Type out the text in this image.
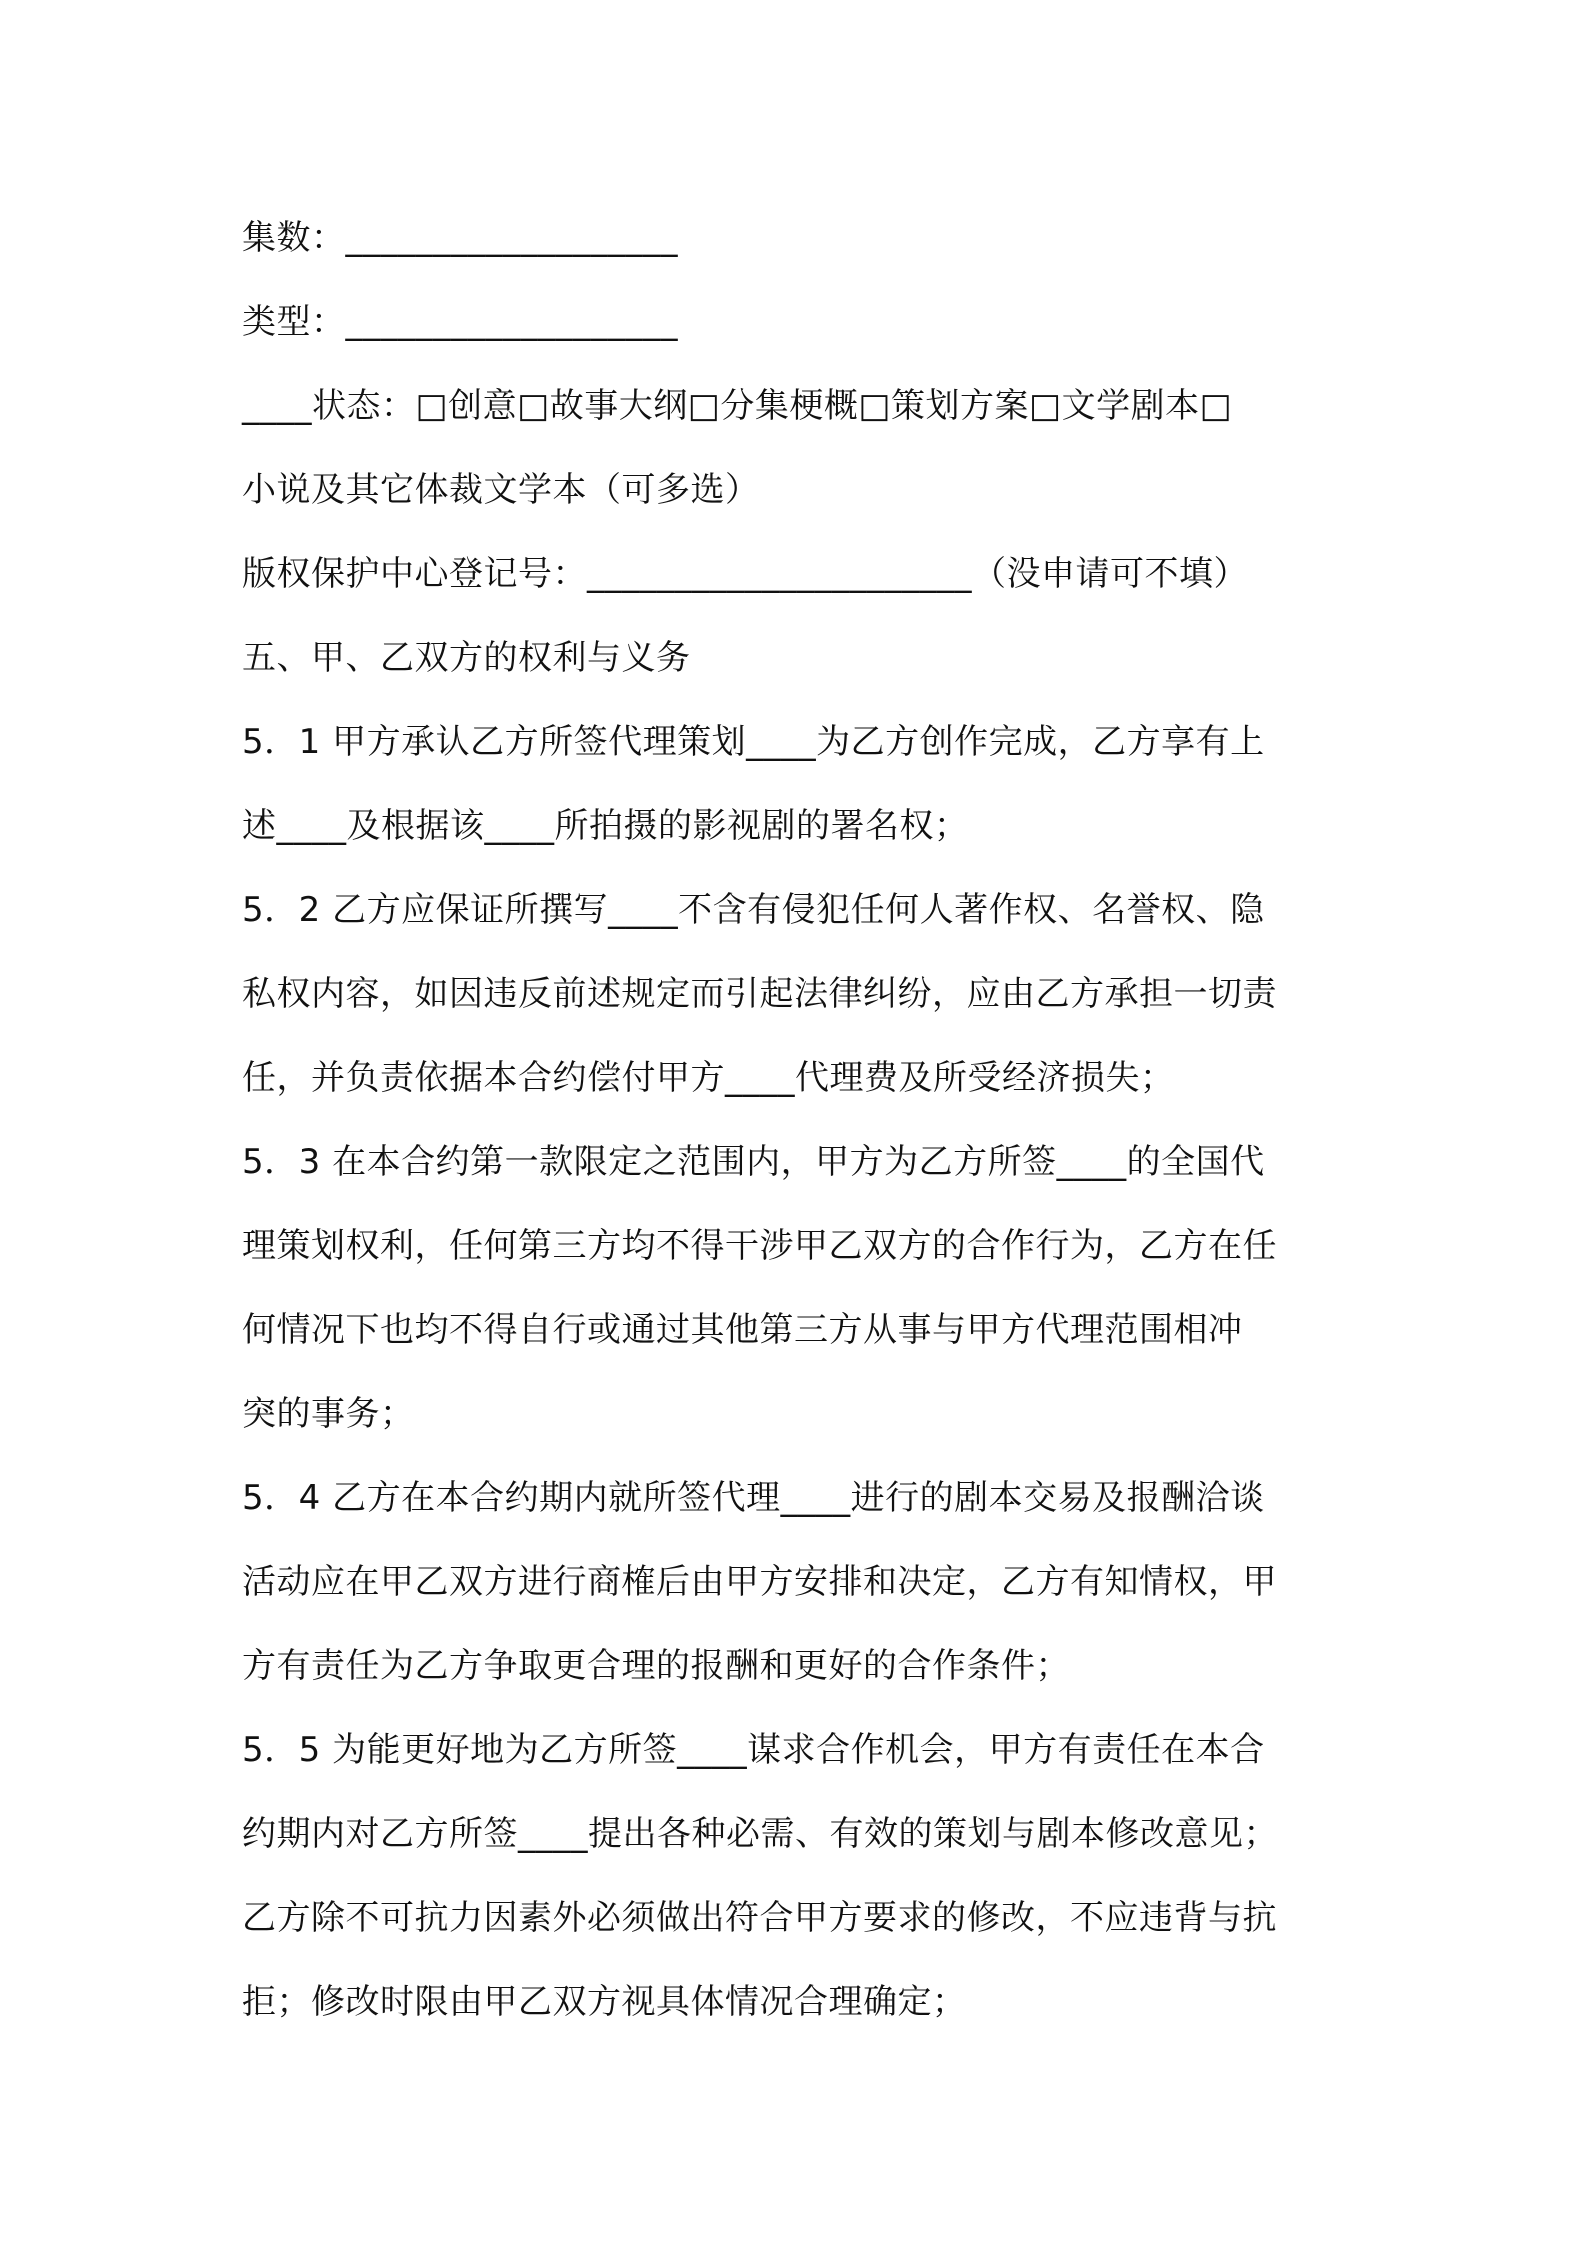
集数：___________________
类型：___________________
____状态：□创意□故事大纲□分集梗概□策划方案□文学剧本□
小说及其它体裁文学本（可多选）
版权保护中心登记号：______________________（没申请可不填）
五、甲、乙双方的权利与义务
5．1 甲方承认乙方所签代理策划____为乙方创作完成，乙方享有上
述____及根据该____所拍摄的影视剧的署名权；
5．2 乙方应保证所撰写____不含有侵犯任何人著作权、名誉权、隐
私权内容，如因违反前述规定而引起法律纠纷，应由乙方承担一切责
任，并负责依据本合约偿付甲方____代理费及所受经济损失；
5．3 在本合约第一款限定之范围内，甲方为乙方所签____的全国代
理策划权利，任何第三方均不得干涉甲乙双方的合作行为，乙方在任
何情况下也均不得自行或通过其他第三方从事与甲方代理范围相冲
突的事务；
5．4 乙方在本合约期内就所签代理____进行的剧本交易及报酬洽谈
活动应在甲乙双方进行商榷后由甲方安排和决定，乙方有知情权，甲
方有责任为乙方争取更合理的报酬和更好的合作条件；
5．5 为能更好地为乙方所签____谋求合作机会，甲方有责任在本合
约期内对乙方所签____提出各种必需、有效的策划与剧本修改意见；
乙方除不可抗力因素外必须做出符合甲方要求的修改，不应违背与抗
拒；修改时限由甲乙双方视具体情况合理确定；
